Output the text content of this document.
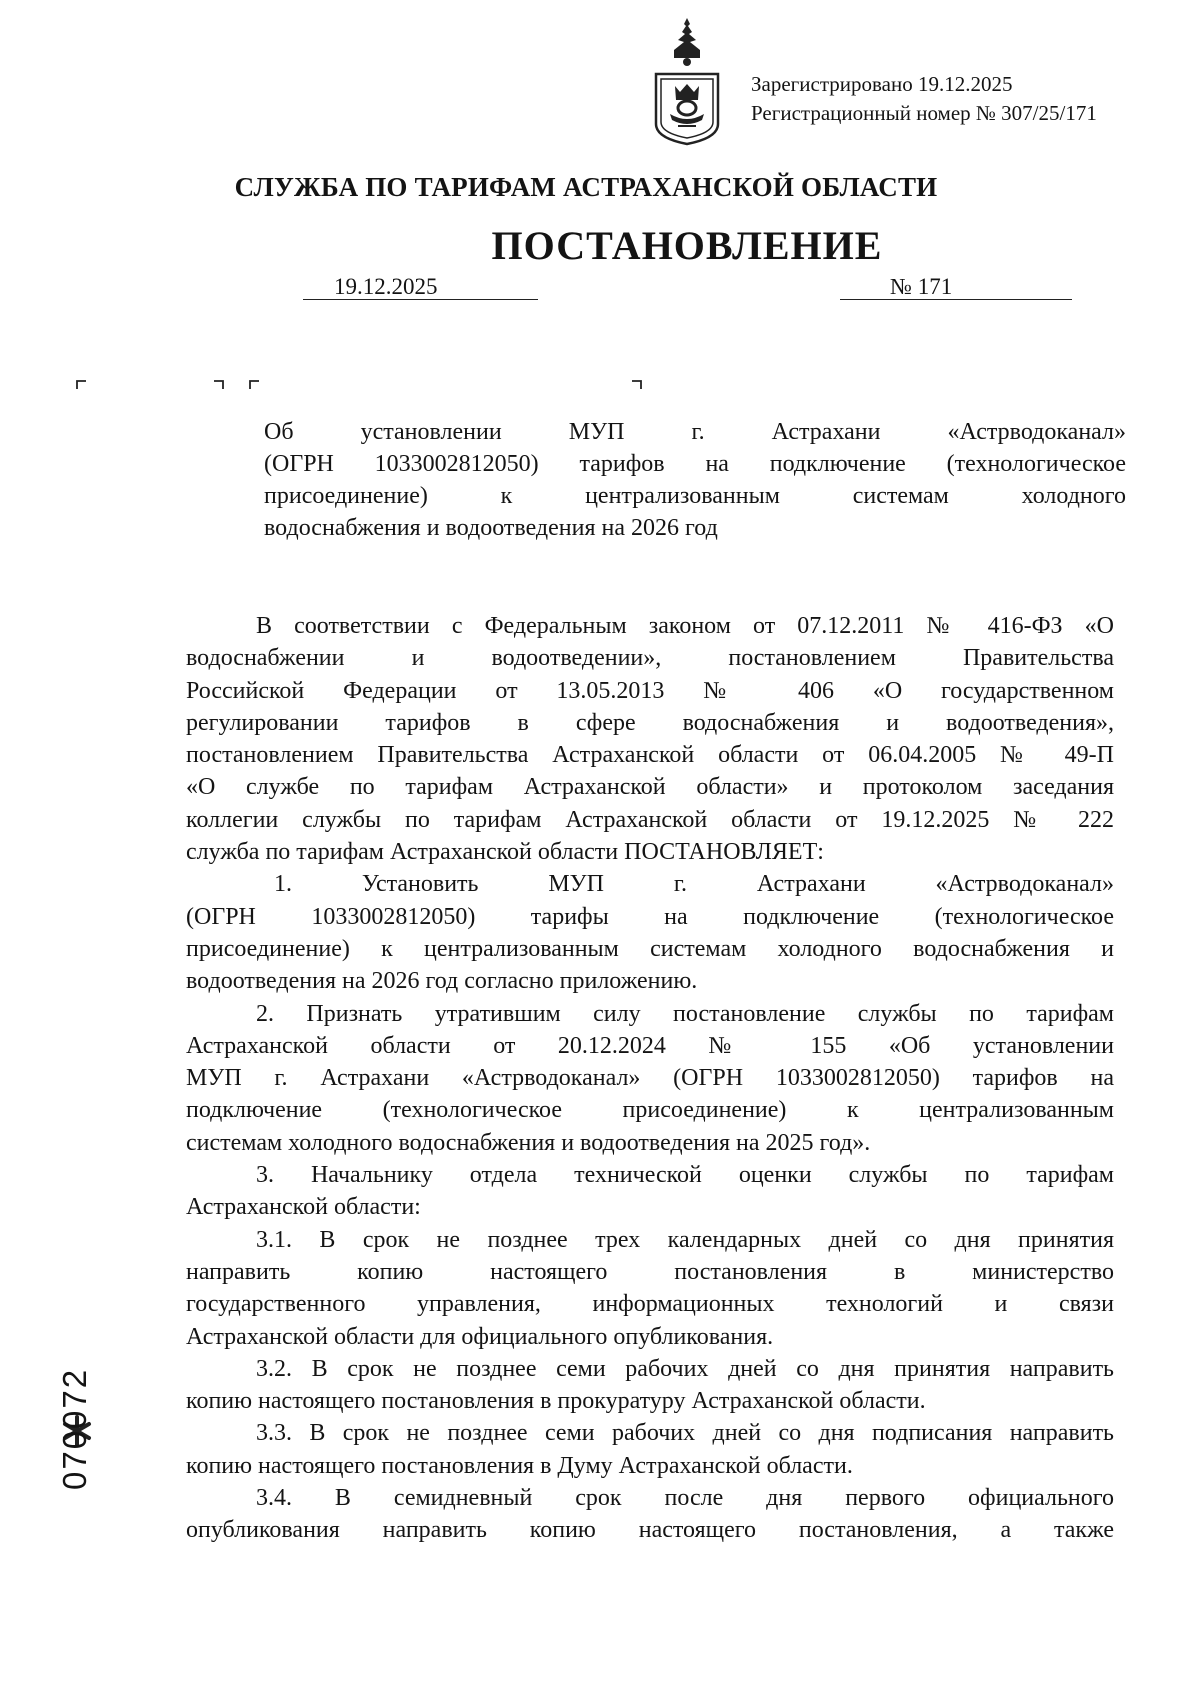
Зарегистрировано 19.12.2025
Регистрационный номер № 307/25/171
СЛУЖБА ПО ТАРИФАМ АСТРАХАНСКОЙ ОБЛАСТИ
ПОСТАНОВЛЕНИЕ
19.12.2025	№ 171
Об установлении МУП г. Астрахани «Астрводоканал»
(ОГРН 1033002812050) тарифов на подключение (технологическое
присоединение) к централизованным системам холодного
водоснабжения и водоотведения на 2026 год
В соответствии с Федеральным законом от 07.12.2011 № 416-ФЗ «О
водоснабжении и водоотведении», постановлением Правительства
Российской Федерации от 13.05.2013 № 406 «О государственном
регулировании тарифов в сфере водоснабжения и водоотведения»,
постановлением Правительства Астраханской области от 06.04.2005 № 49-П
«О службе по тарифам Астраханской области» и протоколом заседания
коллегии службы по тарифам Астраханской области от 19.12.2025 № 222
служба по тарифам Астраханской области ПОСТАНОВЛЯЕТ:
1. Установить МУП г. Астрахани «Астрводоканал»
(ОГРН 1033002812050) тарифы на подключение (технологическое
присоединение) к централизованным системам холодного водоснабжения и
водоотведения на 2026 год согласно приложению.
2. Признать утратившим силу постановление службы по тарифам
Астраханской области от 20.12.2024 № 155 «Об установлении
МУП г. Астрахани «Астрводоканал» (ОГРН 1033002812050) тарифов на
подключение (технологическое присоединение) к централизованным
системам холодного водоснабжения и водоотведения на 2025 год».
3. Начальнику отдела технической оценки службы по тарифам
Астраханской области:
3.1. В срок не позднее трех календарных дней со дня принятия
направить копию настоящего постановления в министерство
государственного управления, информационных технологий и связи
Астраханской области для официального опубликования.
3.2. В срок не позднее семи рабочих дней со дня принятия направить
копию настоящего постановления в прокуратуру Астраханской области.
3.3. В срок не позднее семи рабочих дней со дня подписания направить
копию настоящего постановления в Думу Астраханской области.
3.4. В семидневный срок после дня первого официального
опубликования направить копию настоящего постановления, а также
070072
